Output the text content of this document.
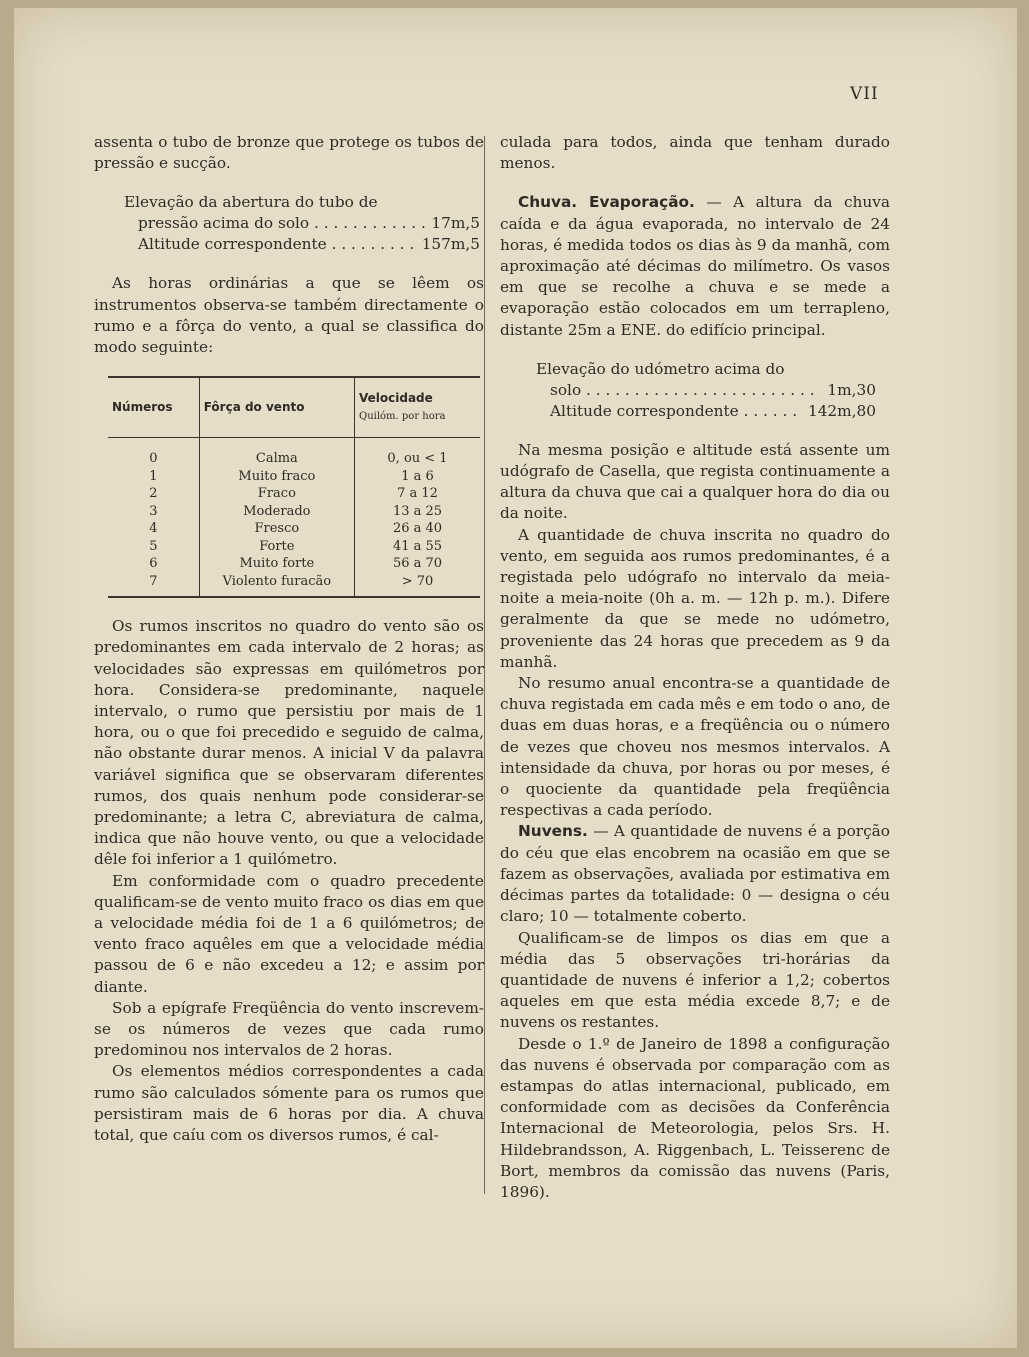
VII

assenta o tubo de bronze que protege os tubos de pressão e sucção.

Elevação da abertura do tubo de
pressão acima do solo . . .	17m,5
Altitude correspondente . . .	157m,5

As horas ordinárias a que se lêem os instrumentos observa-se também directamente o rumo e a fôrça do vento, a qual se classifica do modo seguinte:

Números	Fôrça do vento	Velocidade
Quilóm. por hora

0	Calma	0, ou < 1
1	Muito fraco	1 a 6
2	Fraco	7 a 12
3	Moderado	13 a 25
4	Fresco	26 a 40
5	Forte	41 a 55
6	Muito forte	56 a 70
7	Violento furacão	> 70

Os rumos inscritos no quadro do vento são os predominantes em cada intervalo de 2 horas; as velocidades são expressas em quilómetros por hora. Considera-se predominante, naquele intervalo, o rumo que persistiu por mais de 1 hora, ou o que foi precedido e seguido de calma, não obstante durar menos. A inicial V da palavra variável significa que se observaram diferentes rumos, dos quais nenhum pode considerar-se predominante; a letra C, abreviatura de calma, indica que não houve vento, ou que a velocidade dêle foi inferior a 1 quilómetro.

Em conformidade com o quadro precedente qualificam-se de vento muito fraco os dias em que a velocidade média foi de 1 a 6 quilómetros; de vento fraco aquêles em que a velocidade média passou de 6 e não excedeu a 12; e assim por diante.

Sob a epígrafe Freqüência do vento inscrevem-se os números de vezes que cada rumo predominou nos intervalos de 2 horas.

Os elementos médios correspondentes a cada rumo são calculados sómente para os rumos que persistiram mais de 6 horas por dia. A chuva total, que caíu com os diversos rumos, é cal-

culada para todos, ainda que tenham durado menos.

Chuva. Evaporação. — A altura da chuva caída e da água evaporada, no intervalo de 24 horas, é medida todos os dias às 9 da manhã, com aproximação até décimas do milímetro. Os vasos em que se recolhe a chuva e se mede a evaporação estão colocados em um terrapleno, distante 25m a ENE. do edifício principal.

Elevação do udómetro acima do
solo . . .	1m,30
Altitude correspondente . . .	142m,80

Na mesma posição e altitude está assente um udógrafo de Casella, que regista continuamente a altura da chuva que cai a qualquer hora do dia ou da noite.

A quantidade de chuva inscrita no quadro do vento, em seguida aos rumos predominantes, é a registada pelo udógrafo no intervalo da meia-noite a meia-noite (0h a. m. — 12h p. m.). Difere geralmente da que se mede no udómetro, proveniente das 24 horas que precedem as 9 da manhã.

No resumo anual encontra-se a quantidade de chuva registada em cada mês e em todo o ano, de duas em duas horas, e a freqüência ou o número de vezes que choveu nos mesmos intervalos. A intensidade da chuva, por horas ou por meses, é o quociente da quantidade pela freqüência respectivas a cada período.

Nuvens. — A quantidade de nuvens é a porção do céu que elas encobrem na ocasião em que se fazem as observações, avaliada por estimativa em décimas partes da totalidade: 0 — designa o céu claro; 10 — totalmente coberto.

Qualificam-se de limpos os dias em que a média das 5 observações tri-horárias da quantidade de nuvens é inferior a 1,2; cobertos aqueles em que esta média excede 8,7; e de nuvens os restantes.

Desde o 1.º de Janeiro de 1898 a configuração das nuvens é observada por comparação com as estampas do atlas internacional, publicado, em conformidade com as decisões da Conferência Internacional de Meteorologia, pelos Srs. H. Hildebrandsson, A. Riggenbach, L. Teisserenc de Bort, membros da comissão das nuvens (Paris, 1896).
